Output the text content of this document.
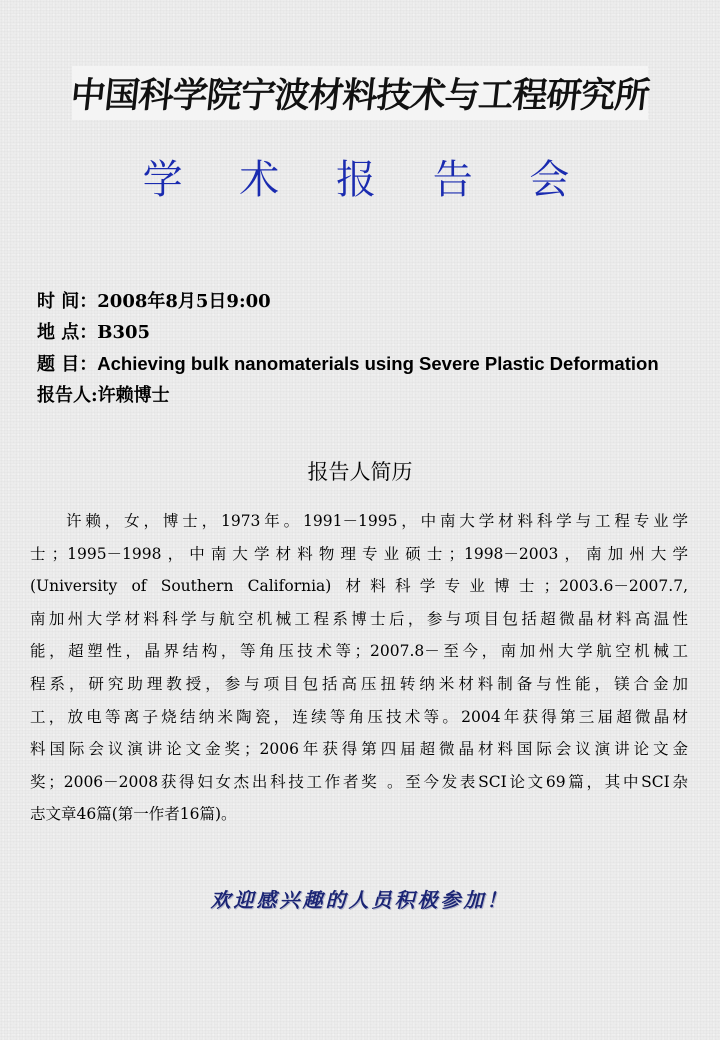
中国科学院宁波材料技术与工程研究所
学 术 报 告 会
时 间： 2008年8月5日9:00
地 点： B305
题 目： Achieving bulk nanomaterials using Severe Plastic Deformation
报告人: 许赖博士
报告人简历
许赖，女，博士，1973年。1991－1995，中南大学材料科学与工程专业学
士；1995－1998，中南大学材料物理专业硕士；1998－2003，南加州大学
(University of Southern California) 材料科学专业博士；2003.6－2007.7,
南加州大学材料科学与航空机械工程系博士后，参与项目包括超微晶材料高温性
能，超塑性，晶界结构，等角压技术等；2007.8－至今，南加州大学航空机械工
程系，研究助理教授，参与项目包括高压扭转纳米材料制备与性能，镁合金加
工，放电等离子烧结纳米陶瓷，连续等角压技术等。2004年获得第三届超微晶材
料国际会议演讲论文金奖；2006年获得第四届超微晶材料国际会议演讲论文金
奖；2006－2008获得妇女杰出科技工作者奖 。至今发表SCI论文69篇，其中SCI杂
志文章46篇(第一作者16篇)。
欢迎感兴趣的人员积极参加！
